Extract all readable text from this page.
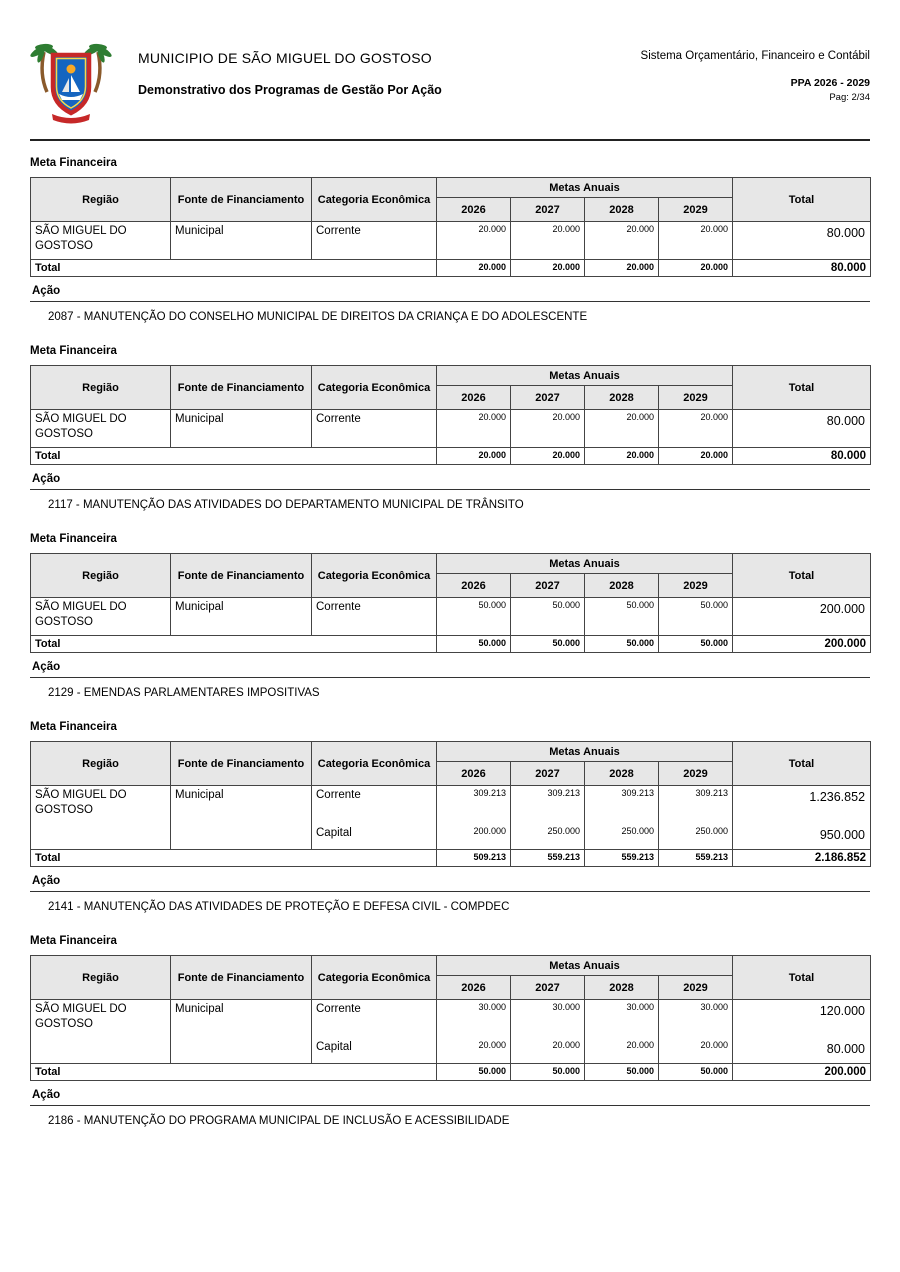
MUNICIPIO DE SÃO MIGUEL DO GOSTOSO
Demonstrativo dos Programas de Gestão Por Ação
Sistema Orçamentário, Financeiro e Contábil
PPA 2026 - 2029
Pag: 2/34
Meta Financeira
Região	Fonte de Financiamento	Categoria Econômica	Metas Anuais				Total
			2026	2027	2028	2029	
SÃO MIGUEL DO GOSTOSO	Municipal	Corrente	20.000	20.000	20.000	20.000	80.000
Total			20.000	20.000	20.000	20.000	80.000
Ação
2087 - MANUTENÇÃO DO CONSELHO MUNICIPAL DE DIREITOS DA CRIANÇA E DO ADOLESCENTE
Meta Financeira
Região	Fonte de Financiamento	Categoria Econômica	Metas Anuais				Total
			2026	2027	2028	2029	
SÃO MIGUEL DO GOSTOSO	Municipal	Corrente	20.000	20.000	20.000	20.000	80.000
Total			20.000	20.000	20.000	20.000	80.000
Ação
2117 - MANUTENÇÃO DAS ATIVIDADES DO DEPARTAMENTO MUNICIPAL DE TRÂNSITO
Meta Financeira
Região	Fonte de Financiamento	Categoria Econômica	Metas Anuais				Total
			2026	2027	2028	2029	
SÃO MIGUEL DO GOSTOSO	Municipal	Corrente	50.000	50.000	50.000	50.000	200.000
Total			50.000	50.000	50.000	50.000	200.000
Ação
2129 - EMENDAS PARLAMENTARES IMPOSITIVAS
Meta Financeira
Região	Fonte de Financiamento	Categoria Econômica	Metas Anuais				Total
			2026	2027	2028	2029	
SÃO MIGUEL DO GOSTOSO	Municipal	Corrente	309.213	309.213	309.213	309.213	1.236.852
		Capital	200.000	250.000	250.000	250.000	950.000
Total			509.213	559.213	559.213	559.213	2.186.852
Ação
2141 - MANUTENÇÃO DAS ATIVIDADES DE PROTEÇÃO E DEFESA CIVIL - COMPDEC
Meta Financeira
Região	Fonte de Financiamento	Categoria Econômica	Metas Anuais				Total
			2026	2027	2028	2029	
SÃO MIGUEL DO GOSTOSO	Municipal	Corrente	30.000	30.000	30.000	30.000	120.000
		Capital	20.000	20.000	20.000	20.000	80.000
Total			50.000	50.000	50.000	50.000	200.000
Ação
2186 - MANUTENÇÃO DO PROGRAMA MUNICIPAL DE INCLUSÃO E ACESSIBILIDADE
